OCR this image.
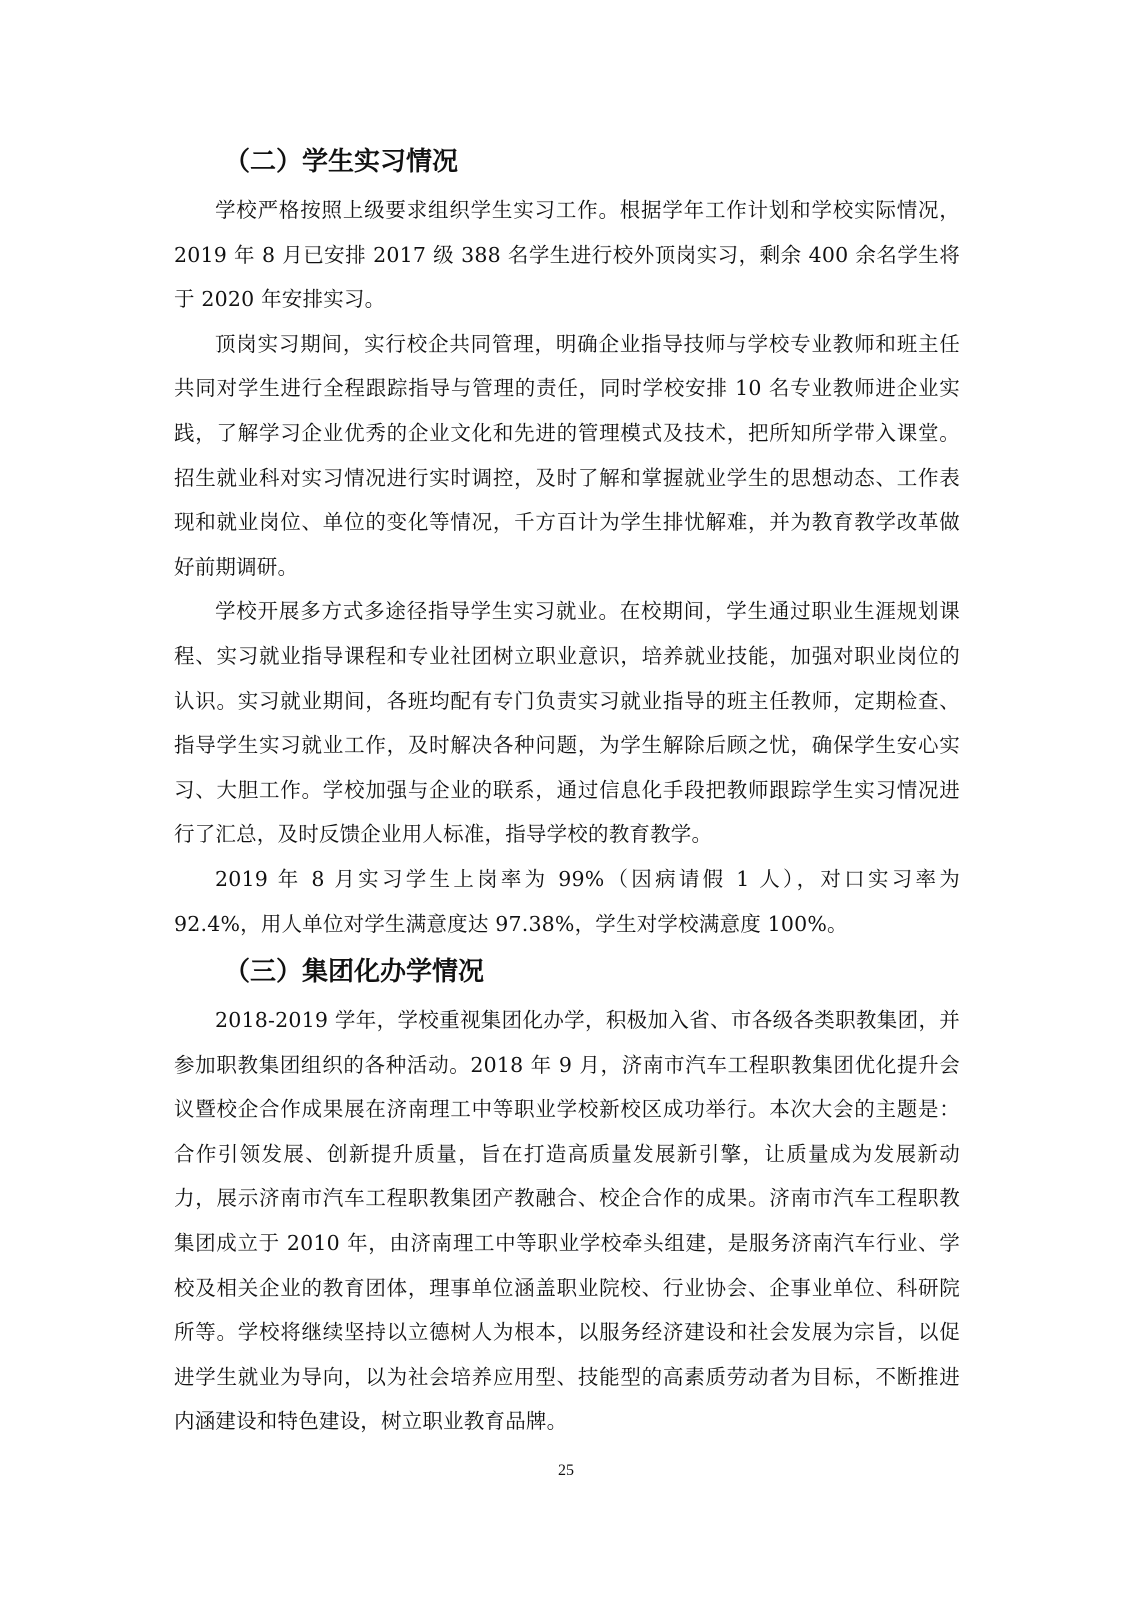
（二）学生实习情况

学校严格按照上级要求组织学生实习工作。根据学年工作计划和学校实际情况，2019 年 8 月已安排 2017 级 388 名学生进行校外顶岗实习，剩余 400 余名学生将于 2020 年安排实习。

顶岗实习期间，实行校企共同管理，明确企业指导技师与学校专业教师和班主任共同对学生进行全程跟踪指导与管理的责任，同时学校安排 10 名专业教师进企业实践，了解学习企业优秀的企业文化和先进的管理模式及技术，把所知所学带入课堂。招生就业科对实习情况进行实时调控，及时了解和掌握就业学生的思想动态、工作表现和就业岗位、单位的变化等情况，千方百计为学生排忧解难，并为教育教学改革做好前期调研。

学校开展多方式多途径指导学生实习就业。在校期间，学生通过职业生涯规划课程、实习就业指导课程和专业社团树立职业意识，培养就业技能，加强对职业岗位的认识。实习就业期间，各班均配有专门负责实习就业指导的班主任教师，定期检查、指导学生实习就业工作，及时解决各种问题，为学生解除后顾之忧，确保学生安心实习、大胆工作。学校加强与企业的联系，通过信息化手段把教师跟踪学生实习情况进行了汇总，及时反馈企业用人标准，指导学校的教育教学。

2019 年 8 月实习学生上岗率为 99%（因病请假 1 人），对口实习率为 92.4%，用人单位对学生满意度达 97.38%，学生对学校满意度 100%。

（三）集团化办学情况

2018-2019 学年，学校重视集团化办学，积极加入省、市各级各类职教集团，并参加职教集团组织的各种活动。2018 年 9 月，济南市汽车工程职教集团优化提升会议暨校企合作成果展在济南理工中等职业学校新校区成功举行。本次大会的主题是：合作引领发展、创新提升质量，旨在打造高质量发展新引擎，让质量成为发展新动力，展示济南市汽车工程职教集团产教融合、校企合作的成果。济南市汽车工程职教集团成立于 2010 年，由济南理工中等职业学校牵头组建，是服务济南汽车行业、学校及相关企业的教育团体，理事单位涵盖职业院校、行业协会、企事业单位、科研院所等。学校将继续坚持以立德树人为根本，以服务经济建设和社会发展为宗旨，以促进学生就业为导向，以为社会培养应用型、技能型的高素质劳动者为目标，不断推进内涵建设和特色建设，树立职业教育品牌。

25
